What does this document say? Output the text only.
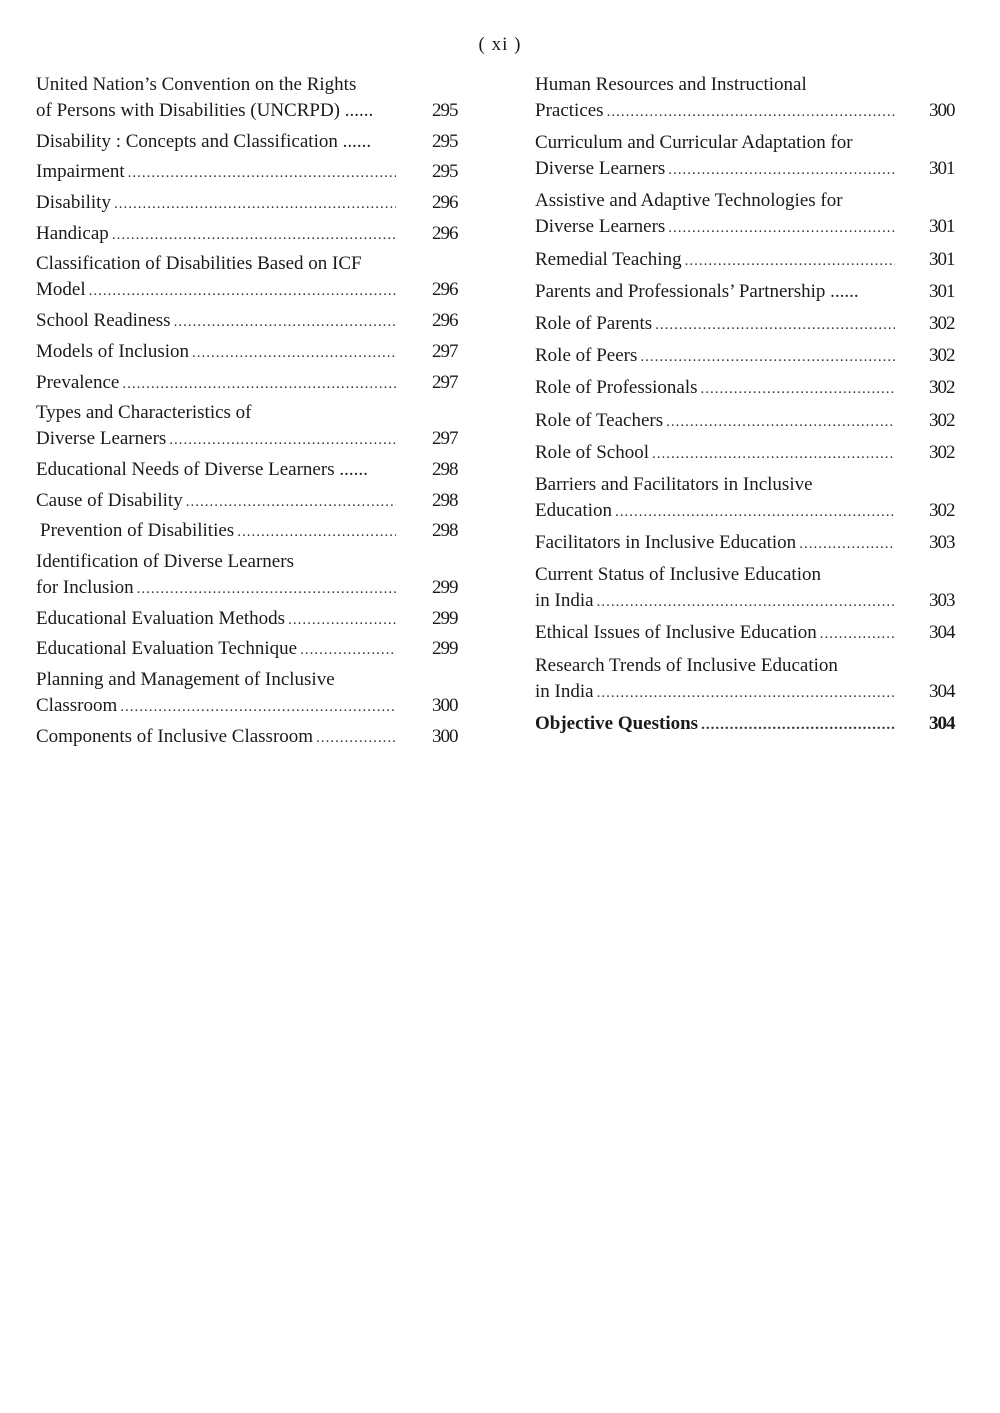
( xi )
United Nation’s Convention on the Rights
of Persons with Disabilities (UNCRPD) ......	295
Disability : Concepts and Classification ......	295
Impairment .....	295
Disability .....	296
Handicap .....	296
Classification of Disabilities Based on ICF
Model .....	296
School Readiness .....	296
Models of Inclusion .....	297
Prevalence .....	297
Types and Characteristics of
Diverse Learners .....	297
Educational Needs of Diverse Learners ......	298
Cause of Disability .....	298
Prevention of Disabilities .....	298
Identification of Diverse Learners
for Inclusion .....	299
Educational Evaluation Methods .....	299
Educational Evaluation Technique .....	299
Planning and Management of Inclusive
Classroom .....	300
Components of Inclusive Classroom .....	300
Human Resources and Instructional
Practices .....	300
Curriculum and Curricular Adaptation for
Diverse Learners .....	301
Assistive and Adaptive Technologies for
Diverse Learners .....	301
Remedial Teaching .....	301
Parents and Professionals’ Partnership ......	301
Role of Parents .....	302
Role of Peers .....	302
Role of Professionals .....	302
Role of Teachers .....	302
Role of School .....	302
Barriers and Facilitators in Inclusive
Education .....	302
Facilitators in Inclusive Education .....	303
Current Status of Inclusive Education
in India .....	303
Ethical Issues of Inclusive Education .....	304
Research Trends of Inclusive Education
in India .....	304
Objective Questions .....	304
